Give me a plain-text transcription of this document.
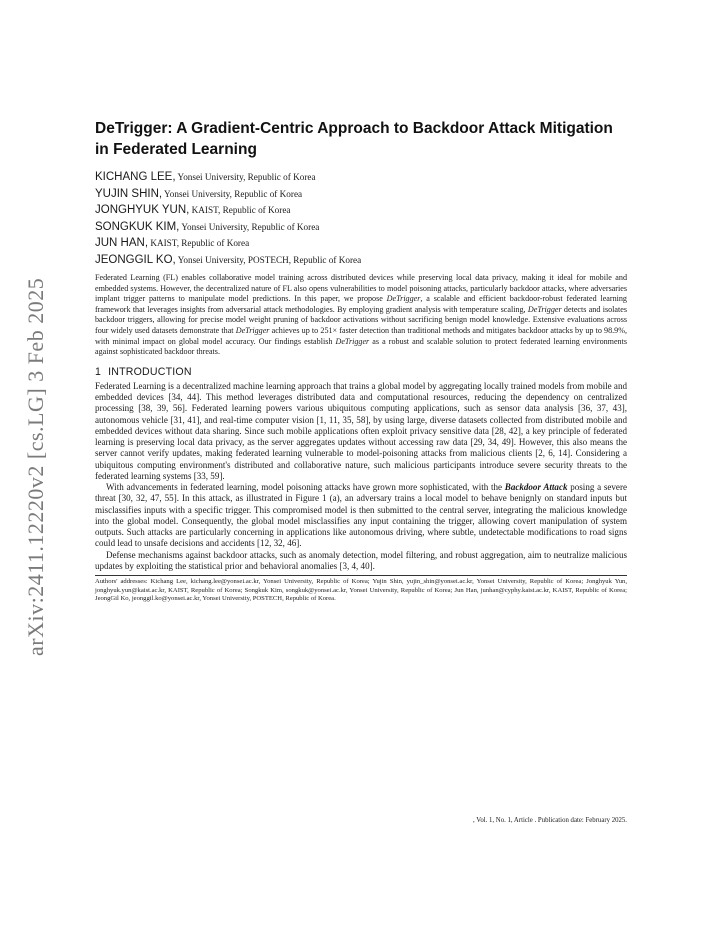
arXiv:2411.12220v2 [cs.LG] 3 Feb 2025
DeTrigger: A Gradient-Centric Approach to Backdoor Attack Mitigation in Federated Learning
KICHANG LEE, Yonsei University, Republic of Korea
YUJIN SHIN, Yonsei University, Republic of Korea
JONGHYUK YUN, KAIST, Republic of Korea
SONGKUK KIM, Yonsei University, Republic of Korea
JUN HAN, KAIST, Republic of Korea
JEONGGIL KO, Yonsei University, POSTECH, Republic of Korea

Federated Learning (FL) enables collaborative model training across distributed devices while preserving local data privacy, making it ideal for mobile and embedded systems. However, the decentralized nature of FL also opens vulnerabilities to model poisoning attacks, particularly backdoor attacks, where adversaries implant trigger patterns to manipulate model predictions. In this paper, we propose DeTrigger, a scalable and efficient backdoor-robust federated learning framework that leverages insights from adversarial attack methodologies. By employing gradient analysis with temperature scaling, DeTrigger detects and isolates backdoor triggers, allowing for precise model weight pruning of backdoor activations without sacrificing benign model knowledge. Extensive evaluations across four widely used datasets demonstrate that DeTrigger achieves up to 251× faster detection than traditional methods and mitigates backdoor attacks by up to 98.9%, with minimal impact on global model accuracy. Our findings establish DeTrigger as a robust and scalable solution to protect federated learning environments against sophisticated backdoor threats.

1 INTRODUCTION

Federated Learning is a decentralized machine learning approach that trains a global model by aggregating locally trained models from mobile and embedded devices [34, 44]. This method leverages distributed data and computational resources, reducing the dependency on centralized processing [38, 39, 56]. Federated learning powers various ubiquitous computing applications, such as sensor data analysis [36, 37, 43], autonomous vehicle [31, 41], and real-time computer vision [1, 11, 35, 58], by using large, diverse datasets collected from distributed mobile and embedded devices without data sharing. Since such mobile applications often exploit privacy sensitive data [28, 42], a key principle of federated learning is preserving local data privacy, as the server aggregates updates without accessing raw data [29, 34, 49]. However, this also means the server cannot verify updates, making federated learning vulnerable to model-poisoning attacks from malicious clients [2, 6, 14]. Considering a ubiquitous computing environment's distributed and collaborative nature, such malicious participants introduce severe security threats to the federated learning systems [33, 59].

With advancements in federated learning, model poisoning attacks have grown more sophisticated, with the Backdoor Attack posing a severe threat [30, 32, 47, 55]. In this attack, as illustrated in Figure 1 (a), an adversary trains a local model to behave benignly on standard inputs but misclassifies inputs with a specific trigger. This compromised model is then submitted to the central server, integrating the malicious knowledge into the global model. Consequently, the global model misclassifies any input containing the trigger, allowing covert manipulation of system outputs. Such attacks are particularly concerning in applications like autonomous driving, where subtle, undetectable modifications to road signs could lead to unsafe decisions and accidents [12, 32, 46].

Defense mechanisms against backdoor attacks, such as anomaly detection, model filtering, and robust aggregation, aim to neutralize malicious updates by exploiting the statistical prior and behavioral anomalies [3, 4, 40].

Authors' addresses: Kichang Lee, kichang.lee@yonsei.ac.kr, Yonsei University, Republic of Korea; Yujin Shin, yujin_shin@yonsei.ac.kr, Yonsei University, Republic of Korea; Jonghyuk Yun, jonghyuk.yun@kaist.ac.kr, KAIST, Republic of Korea; Songkuk Kim, songkuk@yonsei.ac.kr, Yonsei University, Republic of Korea; Jun Han, junhan@cyphy.kaist.ac.kr, KAIST, Republic of Korea; JeongGil Ko, jeonggil.ko@yonsei.ac.kr, Yonsei University, POSTECH, Republic of Korea.
, Vol. 1, No. 1, Article . Publication date: February 2025.
